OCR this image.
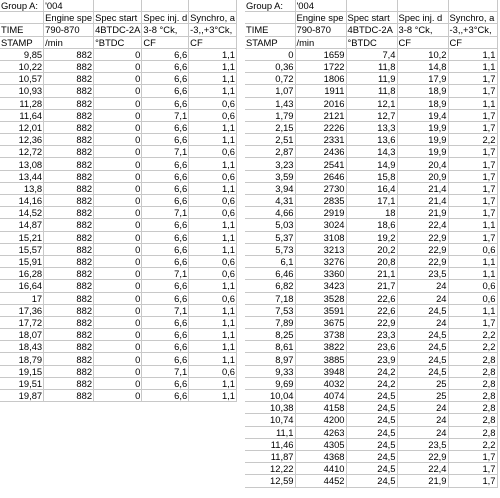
Group A:	'004			
	Engine spe	Spec start	Spec inj. d	Synchro, a
TIME	790-870	4BTDC-2A	3-8 °Ck,	-3,,+3°Ck,
STAMP	/min	°BTDC	CF	CF
9,85	882	0	6,6	1,1
10,22	882	0	6,6	1,1
10,57	882	0	6,6	1,1
10,93	882	0	6,6	1,1
11,28	882	0	6,6	0,6
11,64	882	0	7,1	0,6
12,01	882	0	6,6	1,1
12,36	882	0	6,6	1,1
12,72	882	0	7,1	0,6
13,08	882	0	6,6	1,1
13,44	882	0	6,6	0,6
13,8	882	0	6,6	1,1
14,16	882	0	6,6	0,6
14,52	882	0	7,1	0,6
14,87	882	0	6,6	1,1
15,21	882	0	6,6	1,1
15,57	882	0	6,6	1,1
15,91	882	0	6,6	0,6
16,28	882	0	7,1	0,6
16,64	882	0	6,6	1,1
17	882	0	6,6	0,6
17,36	882	0	7,1	1,1
17,72	882	0	6,6	1,1
18,07	882	0	6,6	1,1
18,43	882	0	6,6	1,1
18,79	882	0	6,6	1,1
19,15	882	0	7,1	0,6
19,51	882	0	6,6	1,1
19,87	882	0	6,6	1,1
Group A:	'004			
	Engine spe	Spec start	Spec inj. d	Synchro, a
TIME	790-870	4BTDC-2A	3-8 °Ck,	-3,,+3°Ck,
STAMP	/min	°BTDC	CF	CF
0	1659	7,4	10,2	1,1
0,36	1722	11,8	14,8	1,1
0,72	1806	11,9	17,9	1,7
1,07	1911	11,8	18,9	1,7
1,43	2016	12,1	18,9	1,1
1,79	2121	12,7	19,4	1,7
2,15	2226	13,3	19,9	1,7
2,51	2331	13,6	19,9	2,2
2,87	2436	14,3	19,9	1,7
3,23	2541	14,9	20,4	1,7
3,59	2646	15,8	20,9	1,7
3,94	2730	16,4	21,4	1,7
4,31	2835	17,1	21,4	1,7
4,66	2919	18	21,9	1,7
5,03	3024	18,6	22,4	1,1
5,37	3108	19,2	22,9	1,7
5,73	3213	20,2	22,9	0,6
6,1	3276	20,8	22,9	1,1
6,46	3360	21,1	23,5	1,1
6,82	3423	21,7	24	0,6
7,18	3528	22,6	24	0,6
7,53	3591	22,6	24,5	1,1
7,89	3675	22,9	24	1,7
8,25	3738	23,3	24,5	2,2
8,61	3822	23,6	24,5	2,2
8,97	3885	23,9	24,5	2,8
9,33	3948	24,2	24,5	2,8
9,69	4032	24,2	25	2,8
10,04	4074	24,5	25	2,8
10,38	4158	24,5	24	2,8
10,74	4200	24,5	24	2,8
11,1	4263	24,5	24	2,8
11,46	4305	24,5	23,5	2,2
11,87	4368	24,5	22,9	1,7
12,22	4410	24,5	22,4	1,7
12,59	4452	24,5	21,9	1,7
